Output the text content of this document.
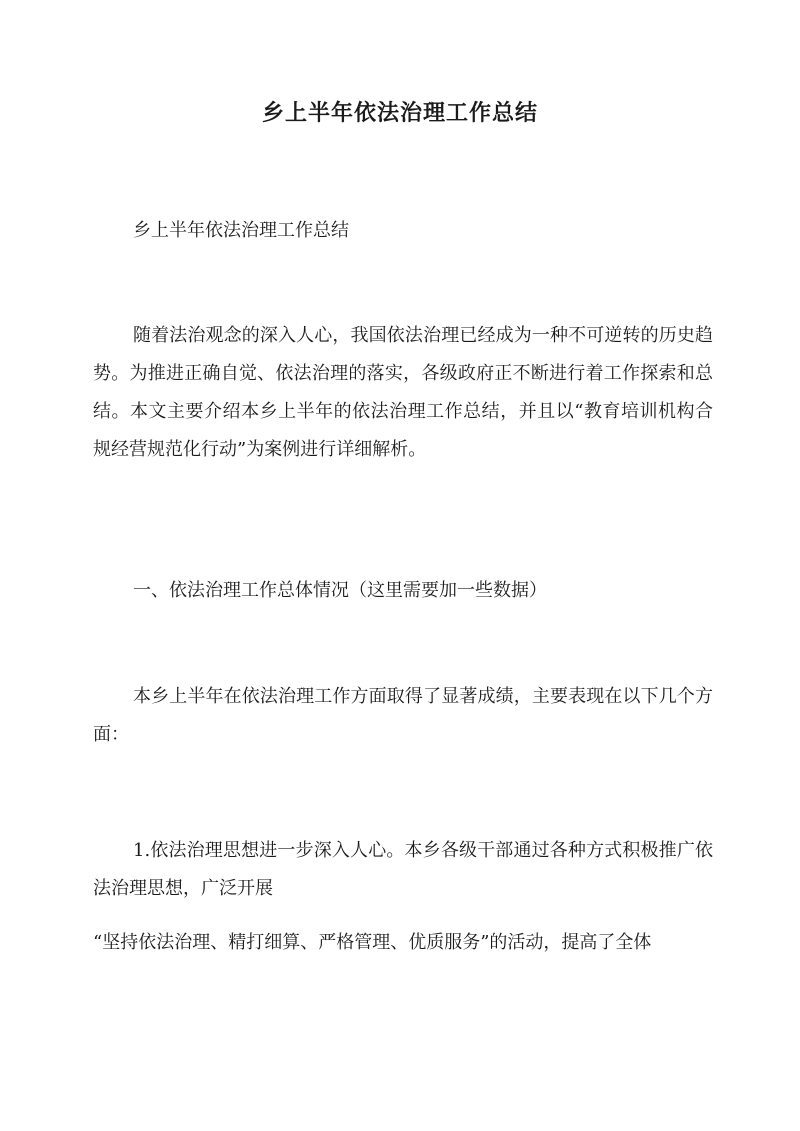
乡上半年依法治理工作总结

乡上半年依法治理工作总结

随着法治观念的深入人心，我国依法治理已经成为一种不可逆转的历史趋势。为推进正确自觉、依法治理的落实，各级政府正不断进行着工作探索和总结。本文主要介绍本乡上半年的依法治理工作总结，并且以“教育培训机构合规经营规范化行动”为案例进行详细解析。

一、依法治理工作总体情况（这里需要加一些数据）

本乡上半年在依法治理工作方面取得了显著成绩，主要表现在以下几个方面：

1.依法治理思想进一步深入人心。本乡各级干部通过各种方式积极推广依法治理思想，广泛开展

“坚持依法治理、精打细算、严格管理、优质服务”的活动，提高了全体
